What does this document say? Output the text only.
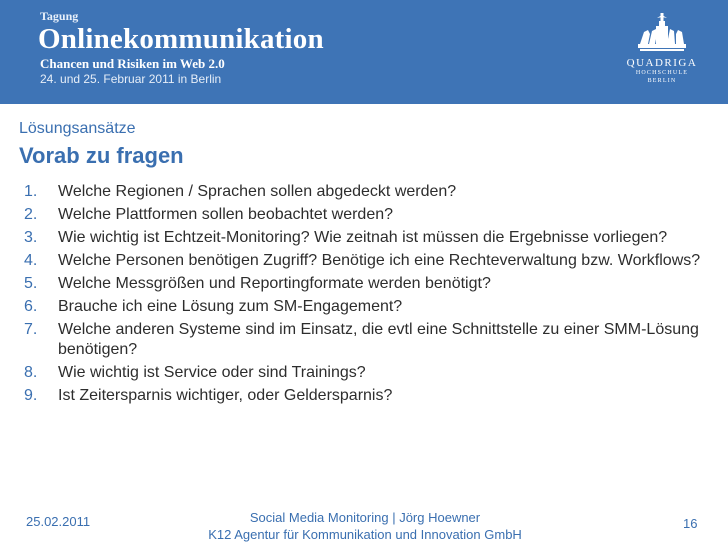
Tagung
Onlinekommunikation
Chancen und Risiken im Web 2.0
24. und 25. Februar 2011 in Berlin
QUADRIGA
HOCHSCHULE
BERLIN
Lösungsansätze
Vorab zu fragen
1.	Welche Regionen / Sprachen sollen abgedeckt werden?
2.	Welche Plattformen sollen beobachtet werden?
3.	Wie wichtig ist Echtzeit-Monitoring? Wie zeitnah ist müssen die Ergebnisse vorliegen?
4.	Welche Personen benötigen Zugriff? Benötige ich eine Rechteverwaltung bzw. Workflows?
5.	Welche Messgrößen und Reportingformate werden benötigt?
6.	Brauche ich eine Lösung zum SM-Engagement?
7.	Welche anderen Systeme sind im Einsatz, die evtl eine Schnittstelle zu einer SMM-Lösung benötigen?
8.	Wie wichtig ist Service oder sind Trainings?
9.	Ist Zeitersparnis wichtiger, oder Geldersparnis?
25.02.2011	Social Media Monitoring | Jörg Hoewner
K12 Agentur für Kommunikation und Innovation GmbH
16
